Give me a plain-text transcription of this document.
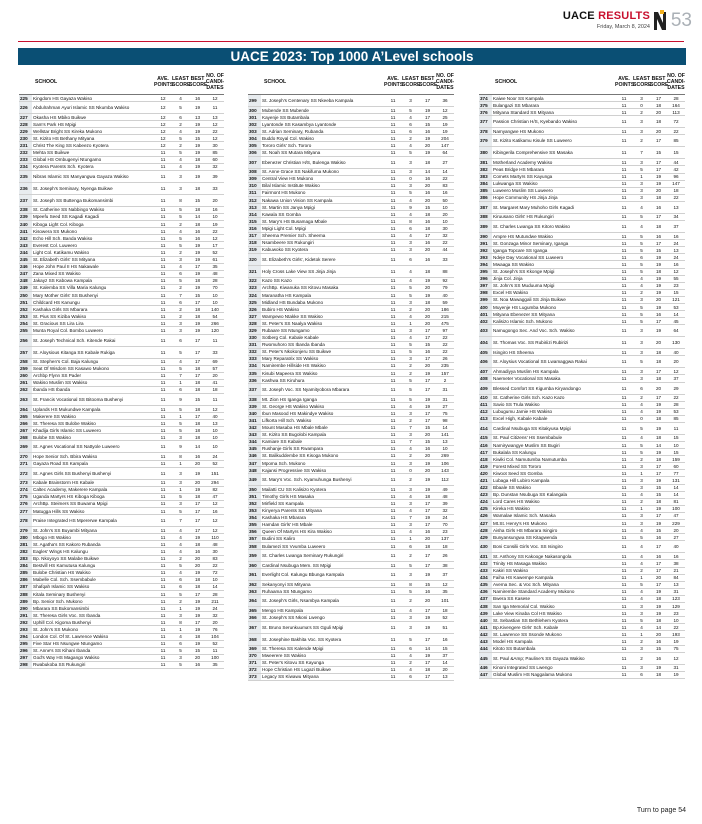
UACE RESULTS
Friday, March 8, 2024 53
UACE 2023: Top 1000 A’Level schools
	SCHOOL	AVE. POINTS	LEAST SCORE	BEST SCORE	NO. OF CANDI- DATES
225	Kingdom HS Gayaza Wakiso	12	4	16	12
226	Abdulrahman Ayuri Islamic SS Nkumba Wakiso	12	5	19	11
227	Okasha HS Mbiko Buikwe	12	6	13	13
228	Sam's Park HS Mpigi	12	2	19	12
229	Wellstar Bright SS Kireka Mukono	12	4	19	22
230	St. Kizito HS Bethany Mityana	12	5	15	12
231	Christ The King SS Kabeezo Kyotera	12	2	19	30
232	Mehta SS Buikwe	11	5	19	85
233	Global HS Ombugenyi Ntungamo	11	4	18	60
234	Kyotera Parents Sch. Kyotera	11	4	19	32
235	Nibras Islamic SS Manyangwa Gayaza Wakiso	11	3	19	39
236	St. Joseph's Seminary, Nyenga Buikwe	11	3	18	33
237	St. Joseph SS Buttenga Bukomansimbi	11	8	15	20
238	St. Catherine SS Nabbingo Wakiso	11	5	18	16
239	Mpeefu Seed SS Kagadi Kagadi	11	5	14	10
240	Kiboga Light Col. Kiboga	11	2	18	19
241	Kisowera SS Mukono	11	4	16	22
242	Echo Hill Sch. Banda Wakiso	11	5	16	12
243	Everest Col. Luweero	11	5	19	17
244	Light Col. Katikamu Wakiso	11	2	19	52
245	St. Elizabeth Girls' SS Mityana	11	3	19	61
246	Hope John Paul II HS Nakawale	11	4	17	35
247	Zana Mixed SS Wakiso	11	6	19	48
248	Jakayz SS Kabowa Kampala	11	5	18	28
249	St. Kalemba SS Villa Maria Kalungu	11	2	19	70
250	Mary Mother Girls' SS Bushenyi	11	7	15	10
251	Childcard HS Kanungu	11	6	17	10
252	Kashaka Girls SS Mbarara	11	2	18	140
253	St. Pius SS Kiziba Wakiso	11	2	18	54
254	St. Gracious SS Lira Lira	11	3	19	266
255	Munta Royal Col. Bombo Luweero	11	3	19	120
256	St. Joseph Technical Sch. Kitende Rakai	11	6	17	11
257	St. Aloysious Kitanga SS Kabale Rukiga	11	5	17	33
258	St. Stephen's Col. Baja Kalungu	11	4	17	69
259	Seat Of Wisdom SS Kasawo Mukono	11	5	18	57
260	Archbp Flynn SS Pader	11	7	17	20
261	Wakiso Muslim SS Wakiso	11	1	18	41
262	Ibanda HS Ibanda	11	6	18	18
263	St. Francis Vocational SS Bitooma Bushenyi	11	9	15	11
264	Uplands HS Mukundwe Kampala	11	5	18	12
265	Makerere SS Wakiso	11	1	17	40
266	St. Theresa SS Bulobe Wakiso	11	5	18	13
267	Khadija Girls Islamic SS Luweero	11	5	18	10
268	Bulobe SS Wakiso	11	3	18	10
269	St. Agnes Vocational SS Nattyole Luweero	11	9	14	10
270	Hope Senior Sch. Bbira Wakiso	11	8	16	24
271	Gayaza Road SS Kampala	11	1	20	52
272	St. Agnes Girls SS Bushenyi Bushenyi	11	3	19	151
273	Kabale Brainstorm HS Kabale	11	3	20	294
274	Caltec Academy, Makerere Kampala	11	1	19	82
275	Uganda Martyrs HS Kiboga Kiboga	11	5	18	47
276	ArchBp. Steimers SS Buwama Mpigi	11	3	17	12
277	Matugga Hills SS Wakiso	11	5	17	16
278	Praise Integrated HS Mpererwe Kampala	11	7	17	12
279	St. John's SS Buyambi Mityana	11	4	17	12
280	Mbogo HS Wakiso	11	4	19	110
281	St. Agatha's SS Kakoro Rubanda	11	4	18	48
282	Eagles' Wings HS Kalungu	11	4	16	30
283	Bp. Nkoyoyo SS Malabe Buikwe	11	2	20	83
284	Bestvill HS Kamutusa Kalungu	11	5	20	22
285	Bulobe Christian HS Wakiso	11	4	19	72
286	Mabelle Col. Sch. Ssembabule	11	6	18	10
287	Shafqah Islamic SS Wakiso	11	6	18	14
288	Kitala Seminary Bushenyi	11	5	17	28
289	Bp. Senior Sch. Mukono	11	2	19	211
290	Mbarara SS Bukomansimbi	11	1	19	24
291	St. Theresa Girls Voc. SS Ibanda	11	3	19	32
292	Uphill Col. Kigoma Bushenyi	11	8	17	20
293	St. John's SS Mukono	11	1	19	76
294	London Col. Of St. Lawrence Wakiso	11	4	18	104
295	Five Star HS Nsungwe Ntungamo	11	6	19	52
296	St. Anne's SS Kihani Ibanda	11	5	15	11
297	God's Way HS Magango Wakiso	11	3	20	100
298	Rwabukoba SS Rukungiri	11	5	16	35
	SCHOOL	AVE. POINTS	LEAST SCORE	BEST SCORE	NO. OF CANDI- DATES
299	St. Joseph's Centenary SS Nkeeba Kampala	11	3	17	36
300	Mubende SS Mubende	11	5	19	12
301	Kayenje SS Butambala	11	4	17	25
302	Lyantonde SS Kasambya Lyantonde	11	6	15	19
303	St. Adrian Seminary, Rubanda	11	6	16	19
304	Buddo Royal Col. Wakiso	11	2	19	204
305	Tororo Girls' Sch. Tororo	11	4	20	147
306	St. Noah SS Mutara Mityana	11	5	19	64
307	Ebenezer Christian H/S, Bulenga Wakiso	11	3	18	27
308	St. Anne Grace SS Nakifuma Mukono	11	3	14	14
309	Central View HS Mukono	11	0	16	22
310	Bilal Islamic Institute Wakiso	11	3	20	83
311	Fairmont HS Mukono	11	5	16	16
312	Nakawa Union Vision SS Kampala	11	4	20	50
313	St. Martin SS Janya Mpigi	11	9	15	10
314	Kawala SS Gomba	11	4	18	20
315	St. Mary's HS Busamaga Mbale	11	8	16	10
316	Mpigi Light Col. Mpigi	11	6	18	30
317	Sheema Premier Sch. Sheema	11	4	17	32
318	Nsambeere SS Rukungiri	11	3	16	22
319	Kabuwoko SS Kyotera	11	3	20	44
320	St. Elizabeth's Girls', Kidetok Serere	11	6	16	33
321	Holy Cross Lake View SS Jinja Jinja	11	4	18	88
322	Kazo SS Kazo	11	4	19	92
323	ArchBp. Kiwanuka SS Kitovu Masaka	11	5	20	79
324	Maranatha HS Kampala	11	5	19	40
325	Midland HS Bundaba Mukono	11	3	18	59
326	Bubiro HS Wakiso	11	2	20	186
327	Wampewo Ntakke SS Wakiso	11	4	20	215
328	St. Peter's SS Naalya Wakiso	11	1	20	475
329	Rubaare SS Ntungamo	11	3	17	97
330	Sotberg Col. Kabale Kabale	11	4	17	22
331	Rwomuhoro SS Ibanda Ibanda	11	5	15	22
332	St. Peter's Nkokonjeru SS Buikwe	11	5	16	22
333	Mary Reparatrix SS Wakiso	11	3	17	26
334	Namirembe Hillside HS Wakiso	11	2	20	235
335	Kisubi Mapeera SS Wakiso	11	2	19	157
336	Kashwa SS Kiruhura	11	5	17	2
337	St. Joseph Voc. SS Nyamityobora Mbarara	11	5	17	31
338	Mt. Zion HS Iganga Iganga	11	5	19	31
339	St. George HS Wakiso Wakiso	11	4	19	27
340	Ibun Masood HS Makindye Wakiso	11	3	17	75
341	Lifkorta Hill Sch. Wakiso	11	2	17	98
342	Mount Masaba HS Mbale Mbale	11	7	15	14
343	St. Kizito SS Bugolobi Kampala	11	3	20	141
344	Kamiare SS Kabale	11	7	15	13
345	Rushanje Girls SS Rwampara	11	4	16	10
346	St. Balikuddembe SS Kisoga Mukono	11	2	20	269
347	Mpoma Sch. Mukono	11	3	19	106
348	Kajansi Progressive SS Wakiso	11	0	20	143
349	St. Mary's Voc. Sch. Kyamuhunga Bushenyi	11	2	19	112
350	Mailatti CU SS Kalisizo Kyotera	11	3	19	49
351	Timothy Girls HS Masaka	11	4	18	48
352	Mirfield SS Kampala	11	3	17	39
353	Kinyerya Parents SS Mityana	11	4	17	32
354	Kashaka HS Mbarara	11	7	19	24
355	Hamdan Girls' HS Mbale	11	3	17	70
356	Queen Of Martyrs HS Kira Wakiso	11	4	16	23
357	Budini SS Kaliro	11	1	20	137
358	Bulamezi SS Vvumba Luweero	11	6	18	18
359	St. Charles Lwanga Seminary Rukungiri	11	2	17	26
360	Cardinal Nsubuga Mem. SS Mpigi	11	5	17	38
361	Everlight Col. Kalungu Bbunga Kampala	11	3	19	37
362	Sekanyonyi SS Mityana	11	8	15	12
363	Ruhaama SS Ntungamo	11	5	16	35
364	St. Joseph's Girls, Nsambya Kampala	11	2	20	101
365	Mengo HS Kampala	11	4	17	18
366	St. Joseph's SS Nkoni Lwengo	11	3	19	52
367	St. Bruno Serunkuuma's SS Gguli Mpigi	11	3	19	51
368	St. Josephine Bakhita Voc. SS Kyotera	11	5	17	16
369	St. Theresa SS Kalende Mpigi	11	6	14	15
370	Mweerere SS Wakiso	11	4	19	37
371	St. Peter's Kitovu SS Kayunga	11	2	17	14
372	Hope Christian HS Lugazi Buikwe	11	4	18	20
373	Legacy SS Kiwawu Mityana	11	6	17	13
	SCHOOL	AVE. POINTS	LEAST SCORE	BEST SCORE	NO. OF CANDI- DATES
374	Kaiwe Noor SS Kampala	11	3	17	28
375	Bulangazi SS Mbarara	11	0	18	164
376	Mityana Standard SS Mityana	11	2	20	113
377	Passion Christian H/S, Kyebando Wakiso	11	3	18	72
378	Namyangwe HS Mukono	11	3	20	22
379	St. Kizito Katikamu Kisule SS Luweero	11	2	17	85
380	Kibingerila Comprehensive SS Masaka	11	7	15	15
381	Motherland Academy Wakiso	11	3	17	44
382	Peas Bridge HS Mbarara	11	5	17	42
383	Comets Martyrs SS Kayunga	11	1	19	96
384	Lukwanga SS Wakiso	11	3	19	147
385	Luweero Muslim SS Luweero	11	3	20	18
386	Hope Community HS Jinja Jinja	11	3	18	22
387	St. Margaret Mary Muhoho Girls Kagadi	11	4	16	13
388	Kiruusano Girls' HS Rukungiri	11	5	17	34
389	St. Charles Lwanga SS Kitoro Wakiso	11	4	18	37
390	Ampre HS Mutundwe Wakiso	11	5	16	16
391	St. Gonzaga Minor Seminary, Iganga	11	5	17	24
392	Iganga Topcare SS Iganga	11	5	15	13
393	Ndeje Day Vocational SS Luweero	11	6	19	24
394	Mwaaga SS Wakiso	11	5	19	16
395	St. Joseph's SS Kkonge Mpigi	11	5	18	12
396	Jinja Col. Jinja	11	4	19	55
397	St. John's SS Muduuma Mpigi	11	4	19	23
398	Excel HS Wakiso	11	2	19	15
399	St. Noa Mawaggali SS Jinja Buikwe	11	3	20	121
400	Muyenje HS Lugumba Mukono	11	5	19	53
401	Mityana Ebenezer SS Mityana	11	5	16	14
402	Kalisizo Islamic Sch. Mukono	11	5	17	45
403	Namugongo Sec. And Voc. Sch. Wakiso	11	3	19	64
404	St. Thomas Voc. SS Rubiriizi Rubirizi	11	3	20	130
405	Isingiro HS Sheema	11	3	18	40
406	St. Aloysius Vocational SS Lwamaggwa Rakai	11	5	18	20
407	Ahmadiyya Muslim HS Kampala	11	3	17	12
408	Naemeter Vocational SS Masaka	11	3	18	37
409	Blessed Comfort SS Kigumba Kiryandongo	11	6	20	29
410	St. Catherine Girls Sch. Kazo Kazo	11	2	17	22
411	Savio SS Trula Wakiso	11	4	19	28
412	Lubugumu Jamie HS Wakiso	11	4	19	53
413	Excel High, Kabale Kabale	11	0	18	85
414	Cardinal Nsubuga SS Kitakyusa Mpigi	11	5	19	11
415	St. Paul Citizens' HS Ssembabule	11	4	18	15
416	Namirywangye Muslim SS Bugiri	11	5	14	10
417	Bukalala SS Kalungu	11	5	19	15
418	Kiwiki Col. Namutumba Namutumba	11	2	18	159
419	Forest Mixed SS Tororo	11	3	17	60
420	Kiwoot Seed SS Gomba	11	1	17	77
421	Lubaga Hill Lubiro Kampala	11	3	19	131
422	Bbaale SS Wakiso	11	3	15	14
423	Bp. Dunstan Nsubuga SS Kalangala	11	4	15	14
424	Lord Cares HS Wakiso	11	2	18	81
425	Kireka HS Wakiso	11	1	19	100
426	Wamalae Islamic Sch. Masaka	11	3	17	47
427	Mt.St. Henry's HS Mukono	11	3	19	229
428	Aisha Girls HS Mbarara Isingiro	11	4	15	20
429	Bunyansungwa SS Kitagwenda	11	5	16	27
430	Boni Consilii Girls Voc. SS Isingiro	11	4	17	40
431	St. Anthony SS Kakooge Nakasongola	11	4	16	16
432	Trinity HS Masaga Wakiso	11	4	17	38
433	Kakiri SS Wakiso	11	2	17	21
434	Faiha HS Kawempe Kampala	11	1	20	84
435	Avema Sec. & Voc Sch. Mityana	11	5	17	13
436	Namirembe Standard Academy Mukono	11	4	19	31
437	Bwera SS Kasese	11	4	18	123
438	San Iga Memorial Col. Wakiso	11	3	19	129
439	Lake View Kinaba Col HS Wakiso	11	3	19	23
440	St. Sebastian SS Bethlehem Kyotera	11	5	18	10
441	Bp.Kivengere Girls' Sch. Kabale	11	4	14	22
442	St. Lawrence SS Ssonde Mukono	11	1	20	193
443	Model HS Kampala	11	2	16	19
444	Kitoto SS Butambala	11	3	15	75
445	St. Paul &Amp; Pauline's SS Gayaza Wakiso	11	2	16	12
446	Kinoni Integrated SS Lwengo	11	3	19	31
447	Global Muslim HS Naggalama Mukono	11	6	18	19
Turn to page 54
